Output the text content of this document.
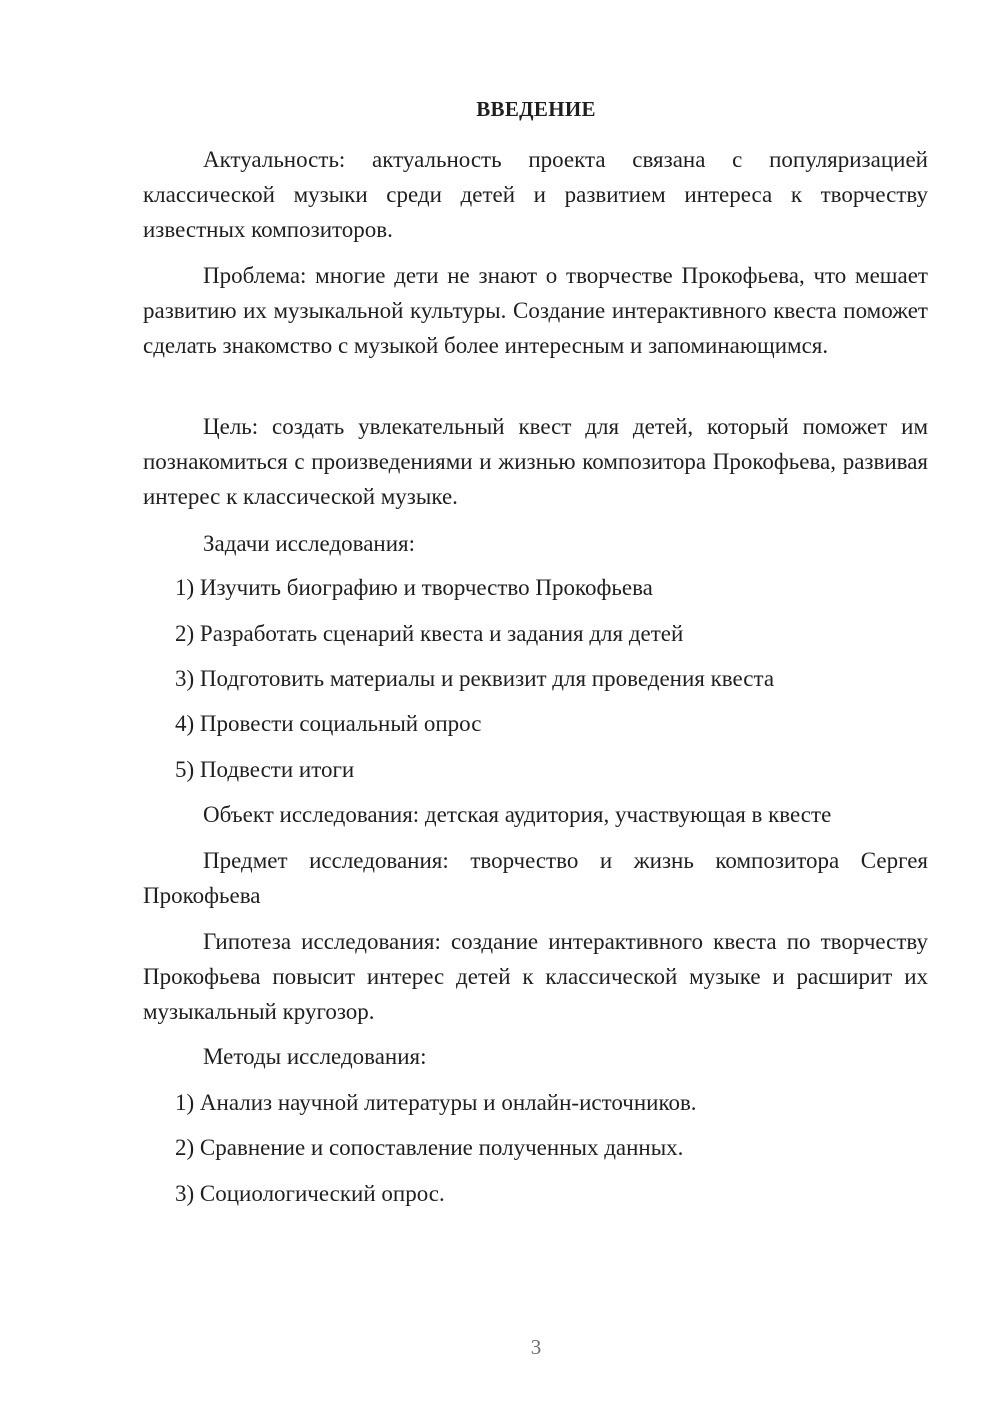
ВВЕДЕНИЕ
Актуальность: актуальность проекта связана с популяризацией классической музыки среди детей и развитием интереса к творчеству известных композиторов.
Проблема: многие дети не знают о творчестве Прокофьева, что мешает развитию их музыкальной культуры. Создание интерактивного квеста поможет сделать знакомство с музыкой более интересным и запоминающимся.
Цель: создать увлекательный квест для детей, который поможет им познакомиться с произведениями и жизнью композитора Прокофьева, развивая интерес к классической музыке.
Задачи исследования:
1) Изучить биографию и творчество Прокофьева
2) Разработать сценарий квеста и задания для детей
3) Подготовить материалы и реквизит для проведения квеста
4) Провести социальный опрос
5) Подвести итоги
Объект исследования: детская аудитория, участвующая в квесте
Предмет исследования: творчество и жизнь композитора Сергея Прокофьева
Гипотеза исследования: создание интерактивного квеста по творчеству Прокофьева повысит интерес детей к классической музыке и расширит их музыкальный кругозор.
Методы исследования:
1) Анализ научной литературы и онлайн-источников.
2) Сравнение и сопоставление полученных данных.
3) Социологический опрос.
3
